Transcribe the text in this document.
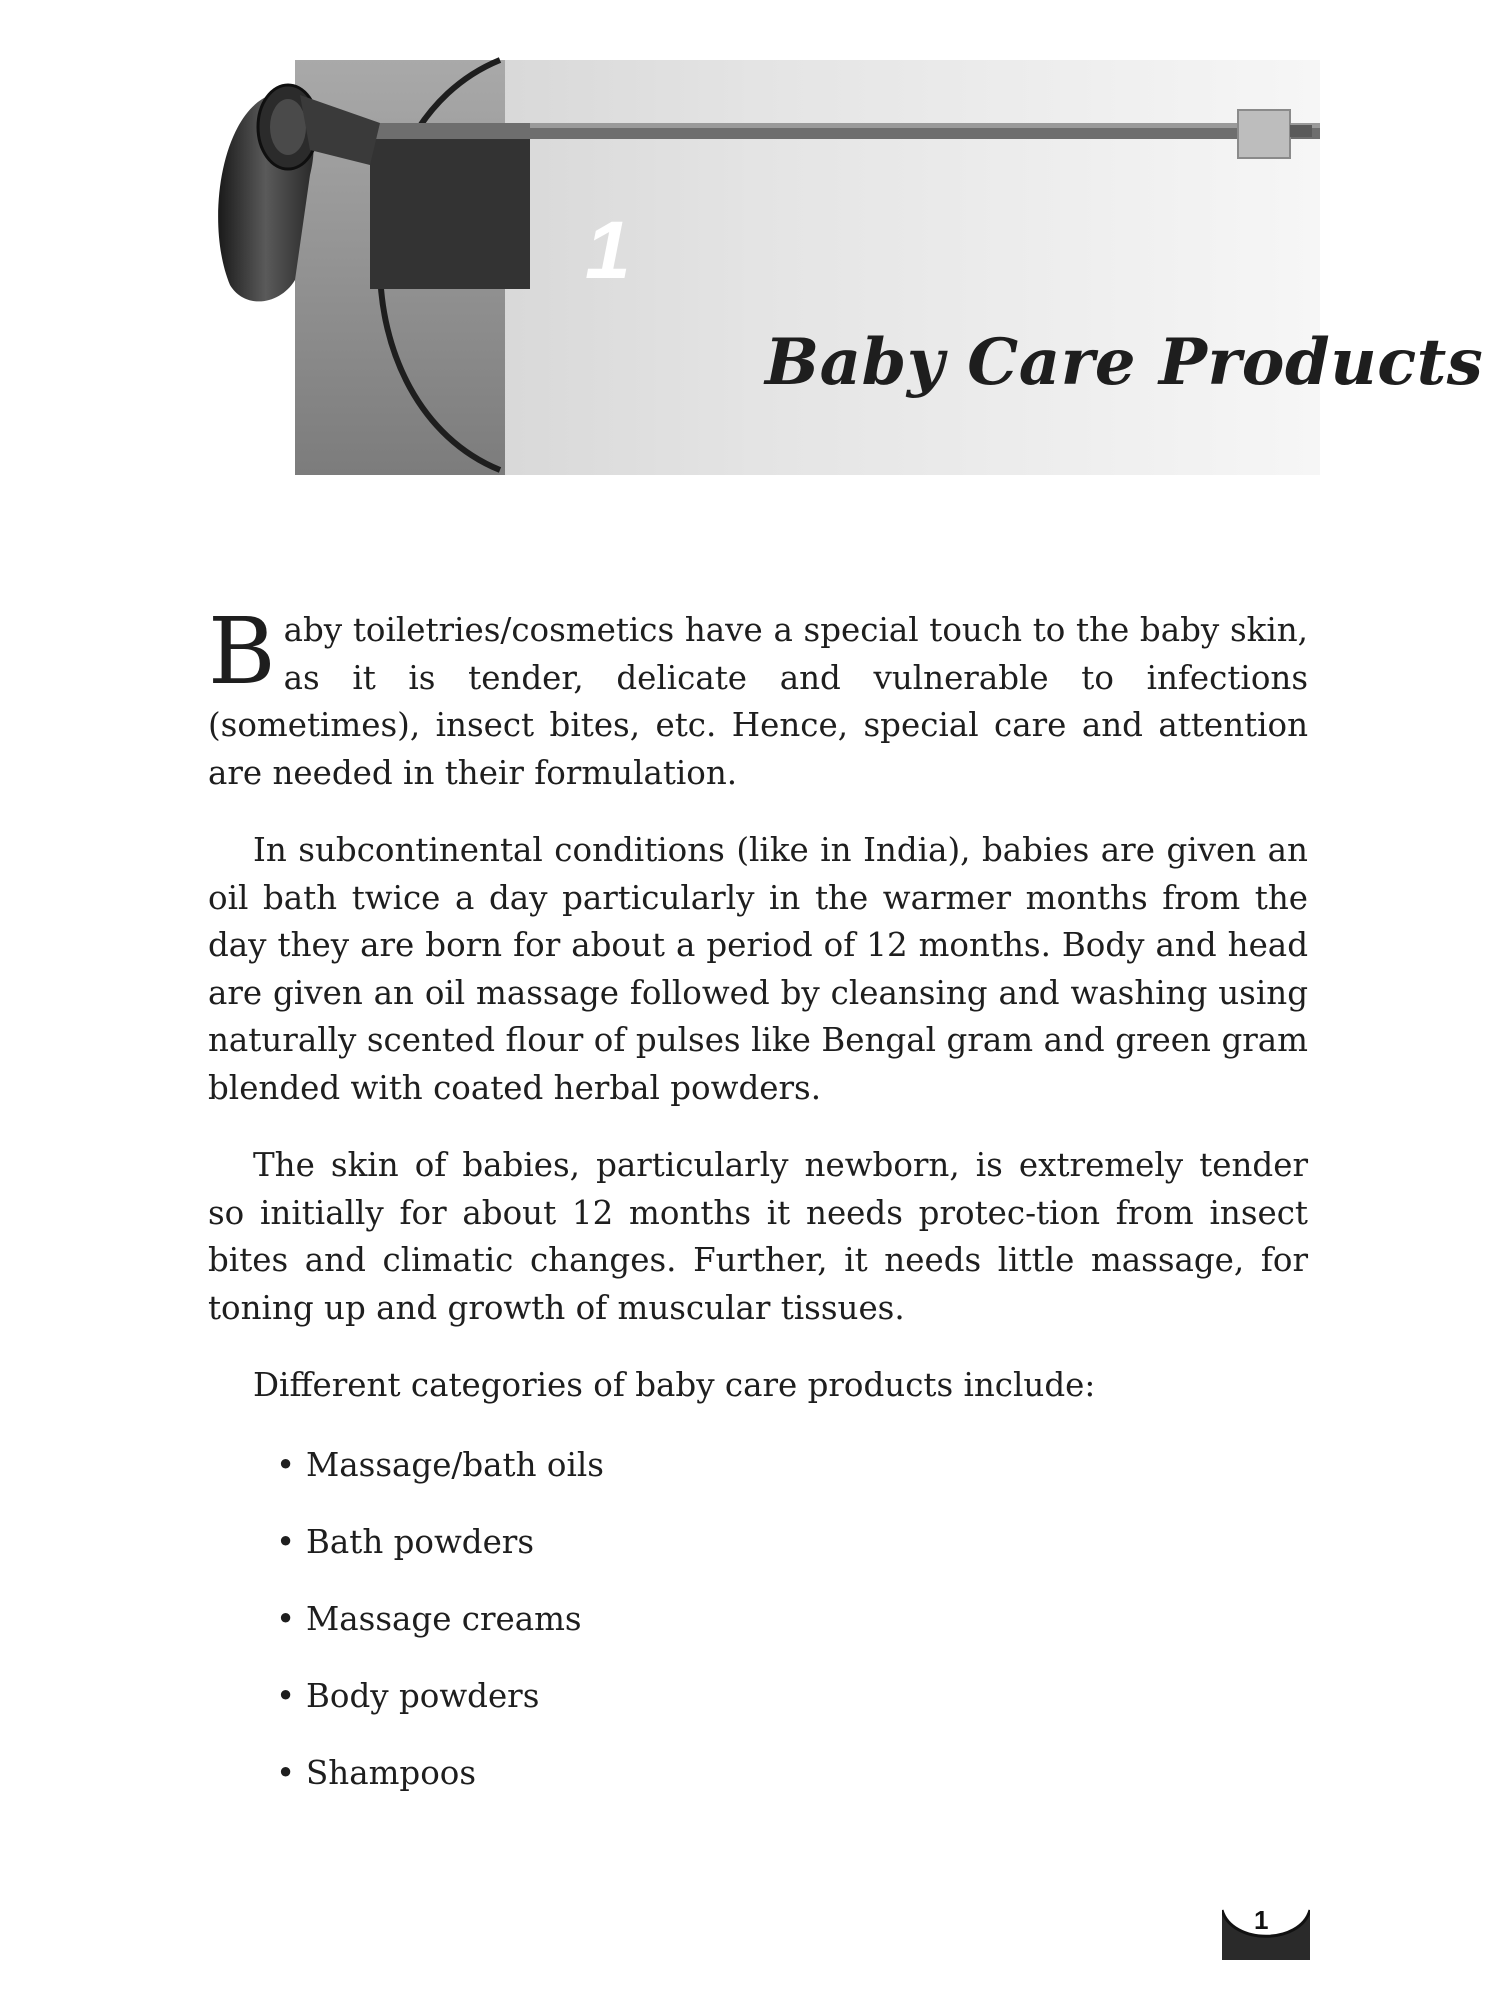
1
Baby Care Products

Baby toiletries/cosmetics have a special touch to the baby skin, as it is tender, delicate and vulnerable to infections (sometimes), insect bites, etc. Hence, special care and attention are needed in their formulation.

In subcontinental conditions (like in India), babies are given an oil bath twice a day particularly in the warmer months from the day they are born for about a period of 12 months. Body and head are given an oil massage followed by cleansing and washing using naturally scented flour of pulses like Bengal gram and green gram blended with coated herbal powders.

The skin of babies, particularly newborn, is extremely tender so initially for about 12 months it needs protec-tion from insect bites and climatic changes. Further, it needs little massage, for toning up and growth of muscular tissues.

Different categories of baby care products include:
• Massage/bath oils
• Bath powders
• Massage creams
• Body powders
• Shampoos
1
